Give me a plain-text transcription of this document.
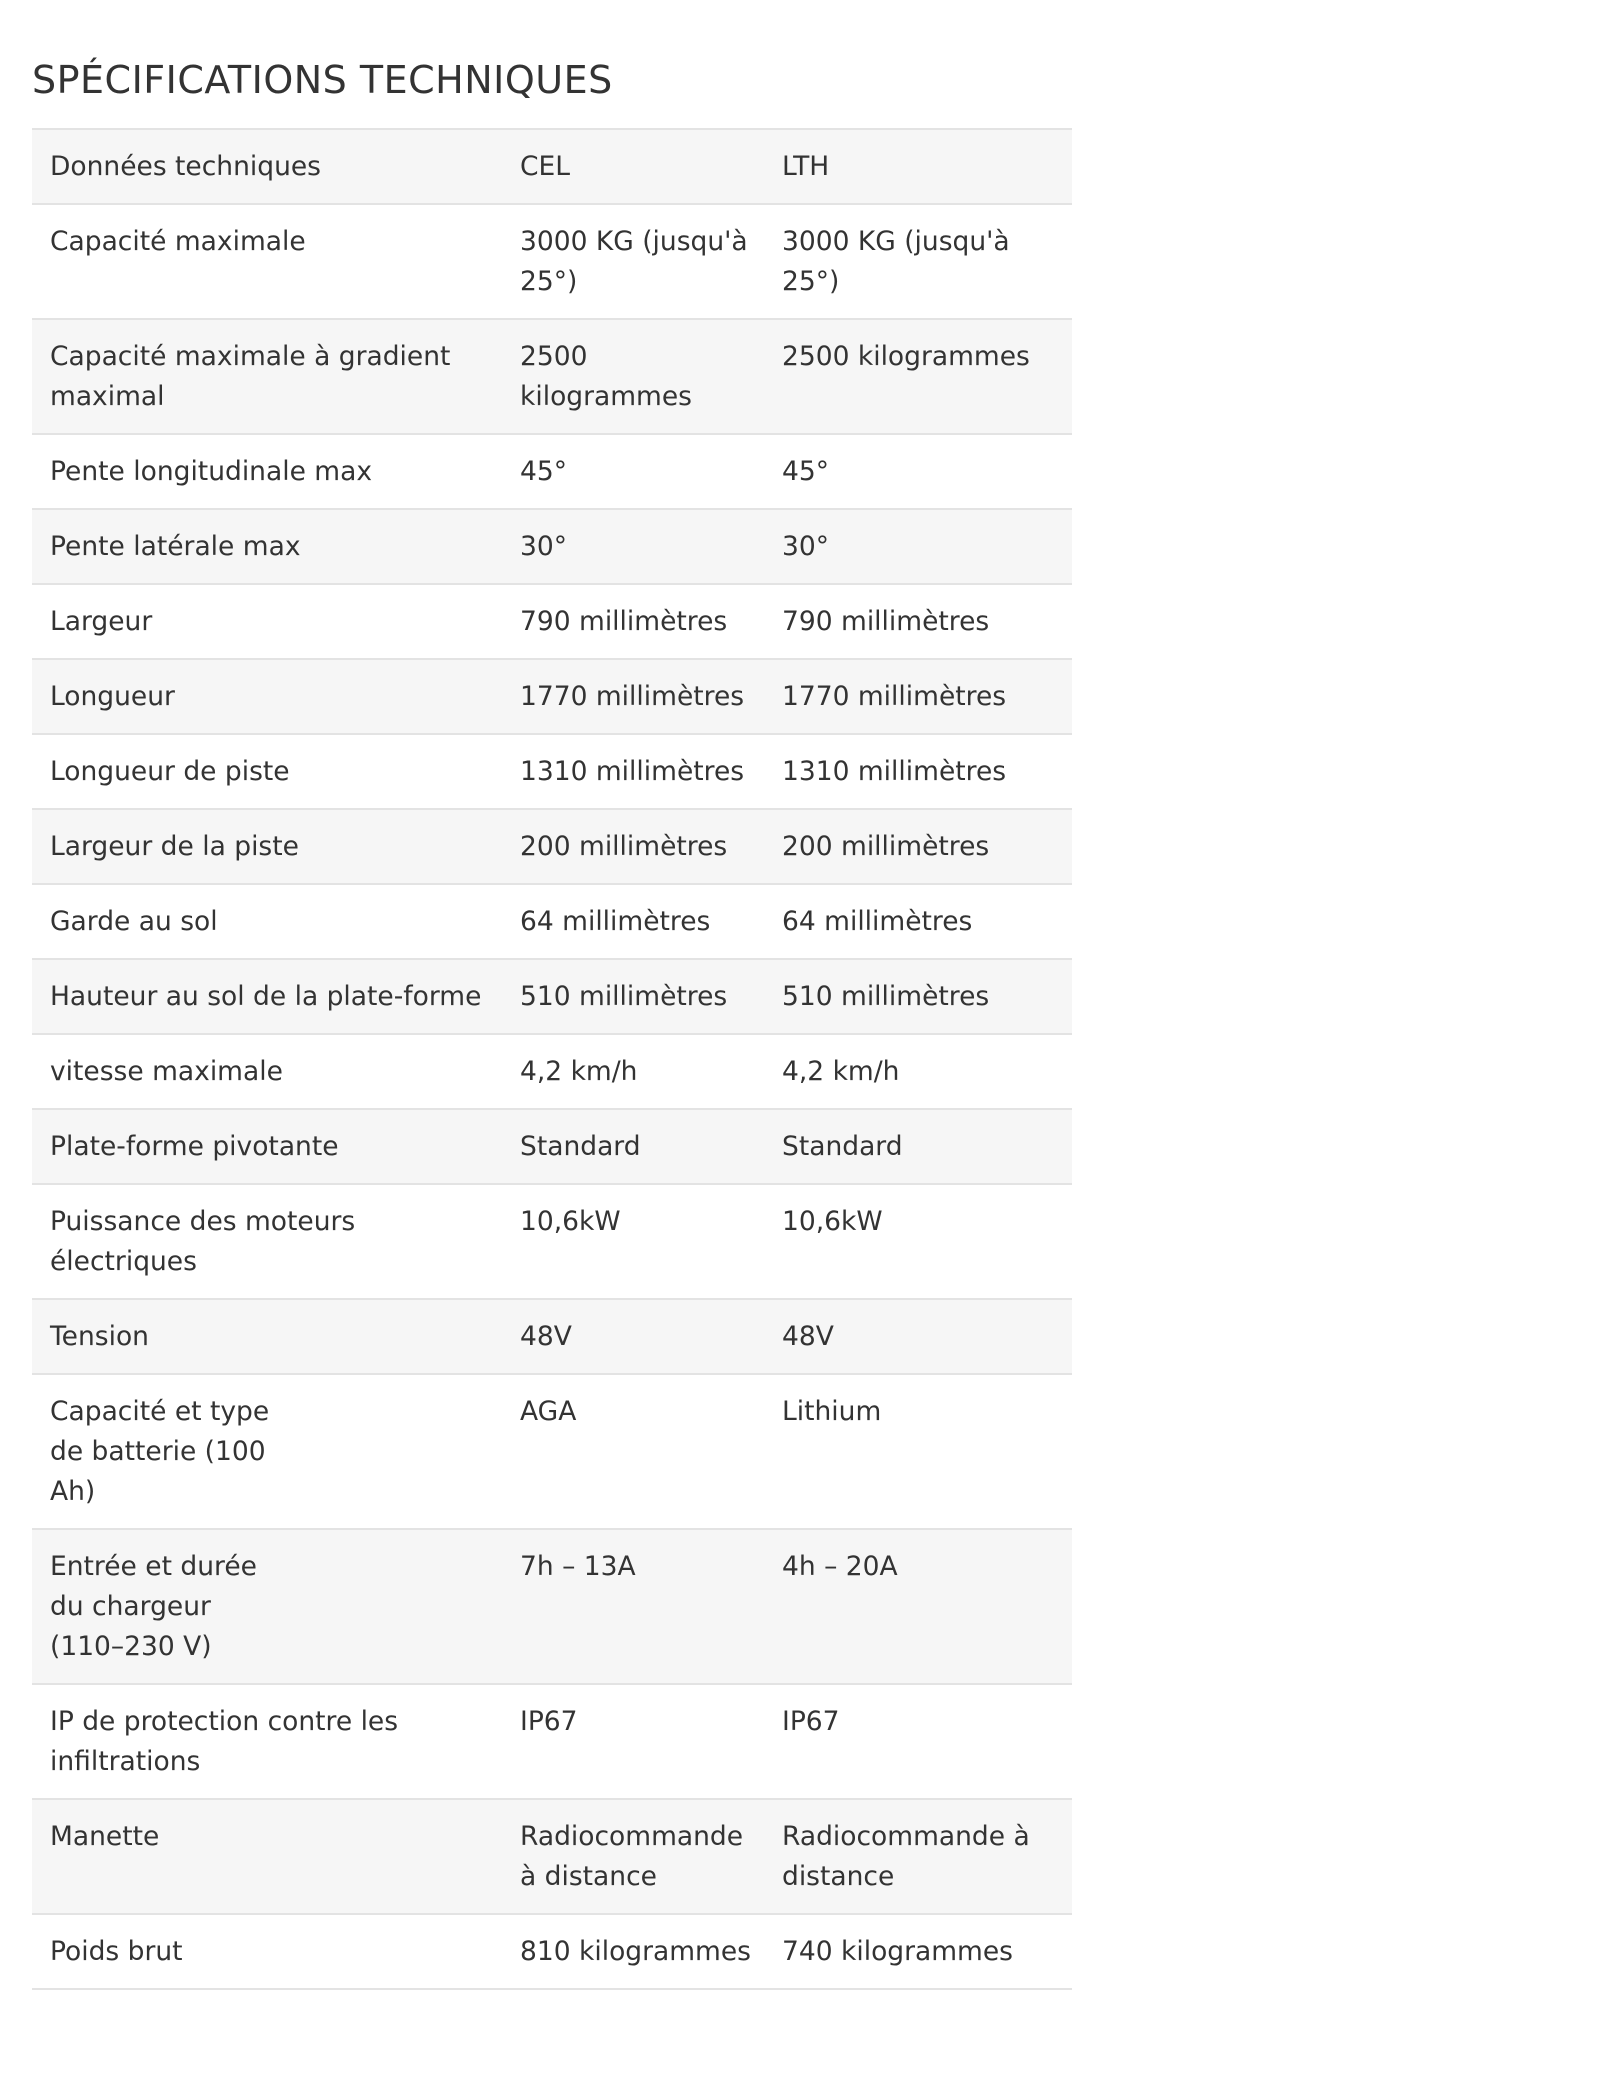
SPÉCIFICATIONS TECHNIQUES
Données techniques	CEL	LTH
Capacité maximale	3000 KG (jusqu'à 25°)	3000 KG (jusqu'à 25°)
Capacité maximale à gradient maximal	2500 kilogrammes	2500 kilogrammes
Pente longitudinale max	45°	45°
Pente latérale max	30°	30°
Largeur	790 millimètres	790 millimètres
Longueur	1770 millimètres	1770 millimètres
Longueur de piste	1310 millimètres	1310 millimètres
Largeur de la piste	200 millimètres	200 millimètres
Garde au sol	64 millimètres	64 millimètres
Hauteur au sol de la plate-forme	510 millimètres	510 millimètres
vitesse maximale	4,2 km/h	4,2 km/h
Plate-forme pivotante	Standard	Standard
Puissance des moteurs électriques	10,6kW	10,6kW
Tension	48V	48V

Capacité et type de batterie (100 Ah)	AGA	Lithium

Entrée et durée du chargeur (110–230 V)	7h – 13A	4h – 20A
IP de protection contre les infiltrations	IP67	IP67
Manette	Radiocommande à distance	Radiocommande à distance
Poids brut	810 kilogrammes	740 kilogrammes
